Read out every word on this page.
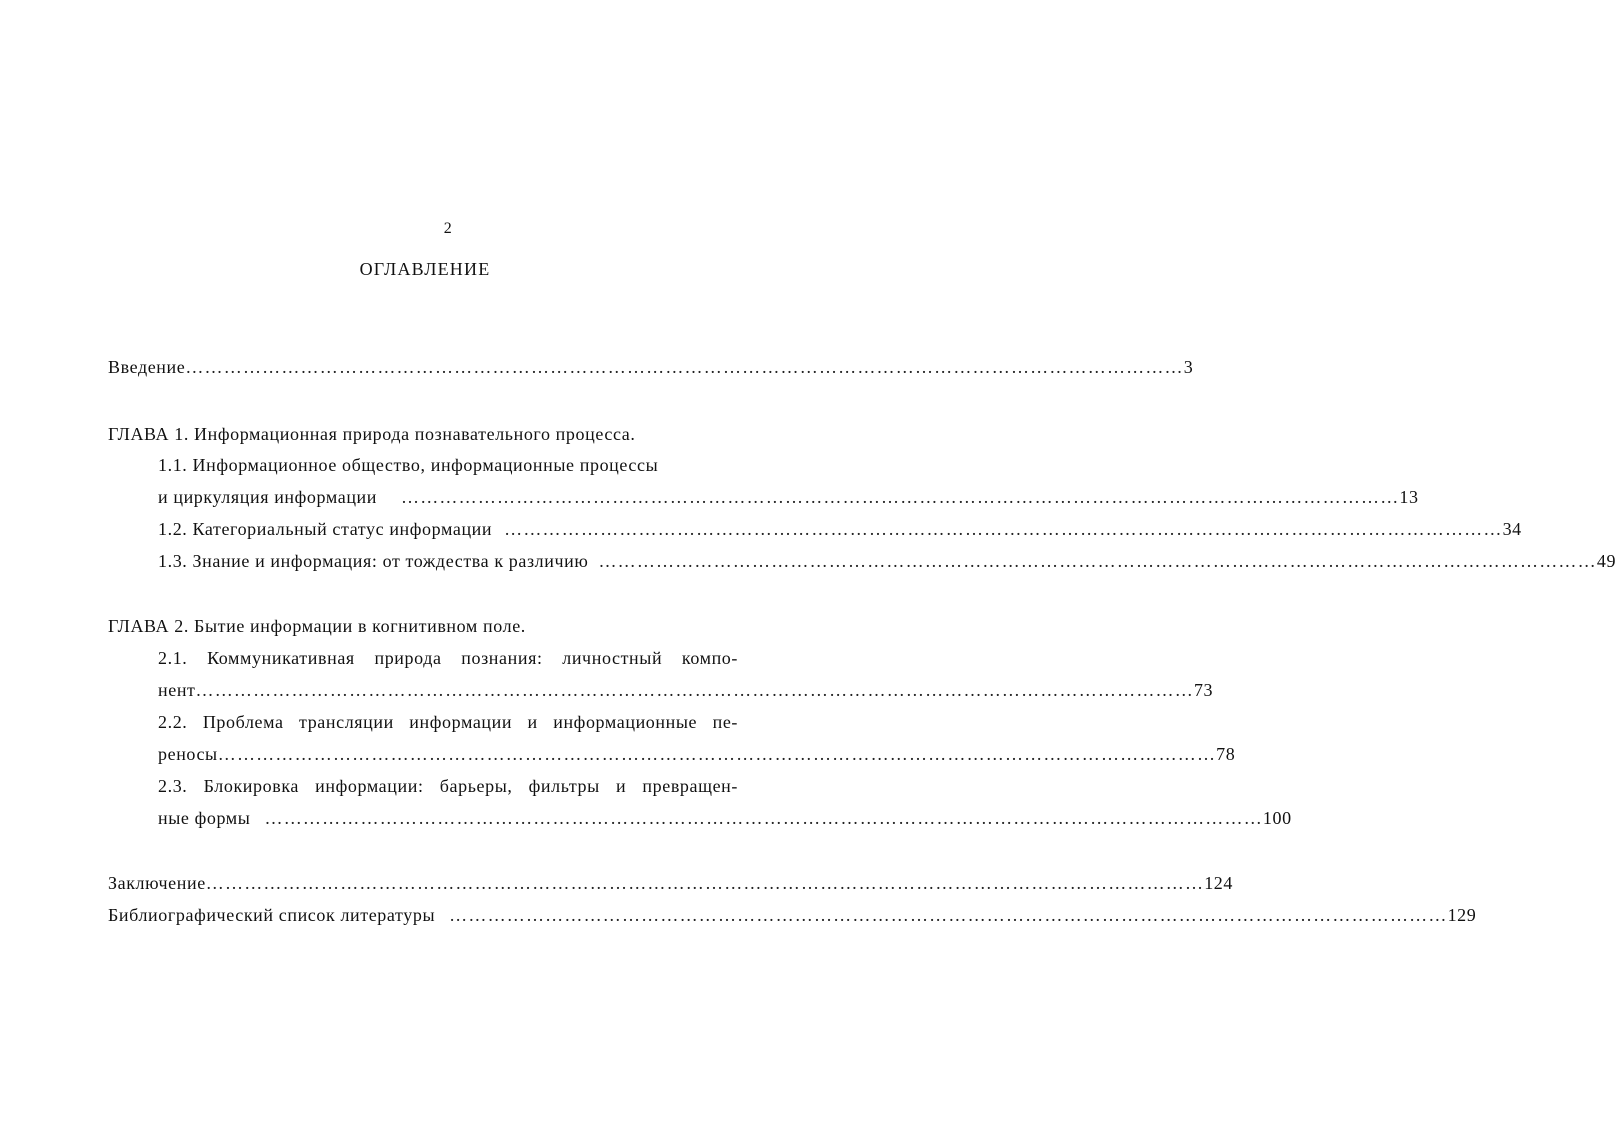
2
ОГЛАВЛЕНИЕ
Введение ………………………………………………………………………………………………………………………………………… 3
ГЛАВА 1. Информационная природа познавательного процесса.
1.1. Информационное общество, информационные процессы
и циркуляция информации ………………………………………………………………………………………………………………………………………… 13
1.2. Категориальный статус информации ………………………………………………………………………………………………………………………………………… 34
1.3. Знание и информация: от тождества к различию ………………………………………………………………………………………………………………………………………… 49
ГЛАВА 2. Бытие информации в когнитивном поле.
2.1. Коммуникативная природа познания: личностный компо-
нент ………………………………………………………………………………………………………………………………………… 73
2.2. Проблема трансляции информации и информационные пе-
реносы ………………………………………………………………………………………………………………………………………… 78
2.3. Блокировка информации: барьеры, фильтры и превращен-
ные формы ………………………………………………………………………………………………………………………………………… 100
Заключение ………………………………………………………………………………………………………………………………………… 124
Библиографический список литературы ………………………………………………………………………………………………………………………………………… 129
